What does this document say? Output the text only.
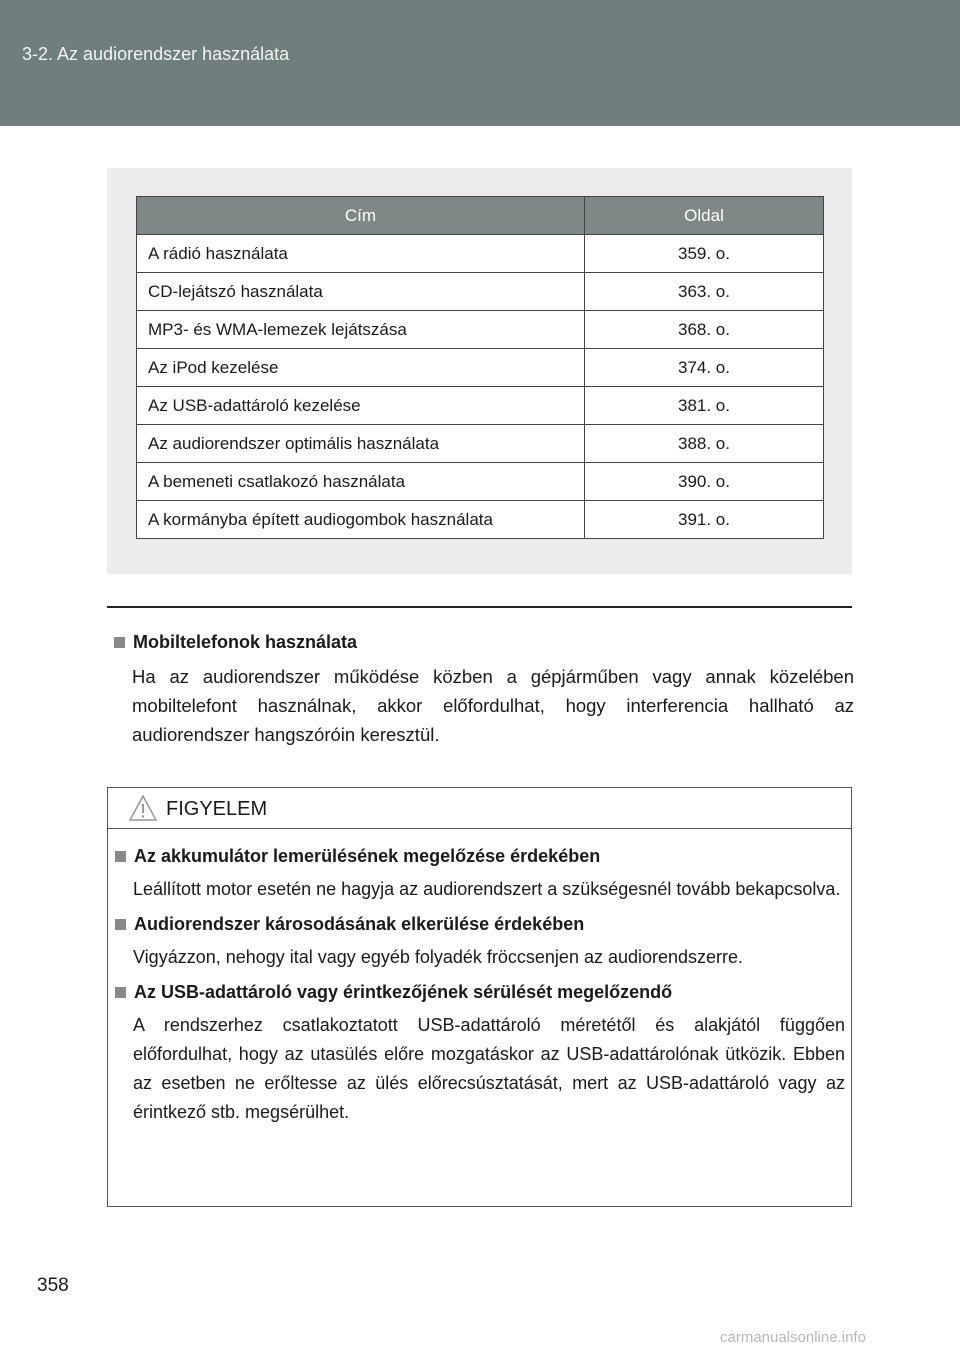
3-2. Az audiorendszer használata
Cím	Oldal
A rádió használata	359. o.
CD-lejátszó használata	363. o.
MP3- és WMA-lemezek lejátszása	368. o.
Az iPod kezelése	374. o.
Az USB-adattároló kezelése	381. o.
Az audiorendszer optimális használata	388. o.
A bemeneti csatlakozó használata	390. o.
A kormányba épített audiogombok használata	391. o.
Mobiltelefonok használata
Ha az audiorendszer működése közben a gépjárműben vagy annak közelében mobiltelefont használnak, akkor előfordulhat, hogy interferencia hallható az audiorendszer hangszóróin keresztül.
FIGYELEM
Az akkumulátor lemerülésének megelőzése érdekében
Leállított motor esetén ne hagyja az audiorendszert a szükségesnél tovább bekapcsolva.
Audiorendszer károsodásának elkerülése érdekében
Vigyázzon, nehogy ital vagy egyéb folyadék fröccsenjen az audiorendszerre.
Az USB-adattároló vagy érintkezőjének sérülését megelőzendő
A rendszerhez csatlakoztatott USB-adattároló méretétől és alakjától függően előfordulhat, hogy az utasülés előre mozgatáskor az USB-adattárolónak ütközik. Ebben az esetben ne erőltesse az ülés előrecsúsztatását, mert az USB-adattároló vagy az érintkező stb. megsérülhet.
358
carmanualsonline.info
